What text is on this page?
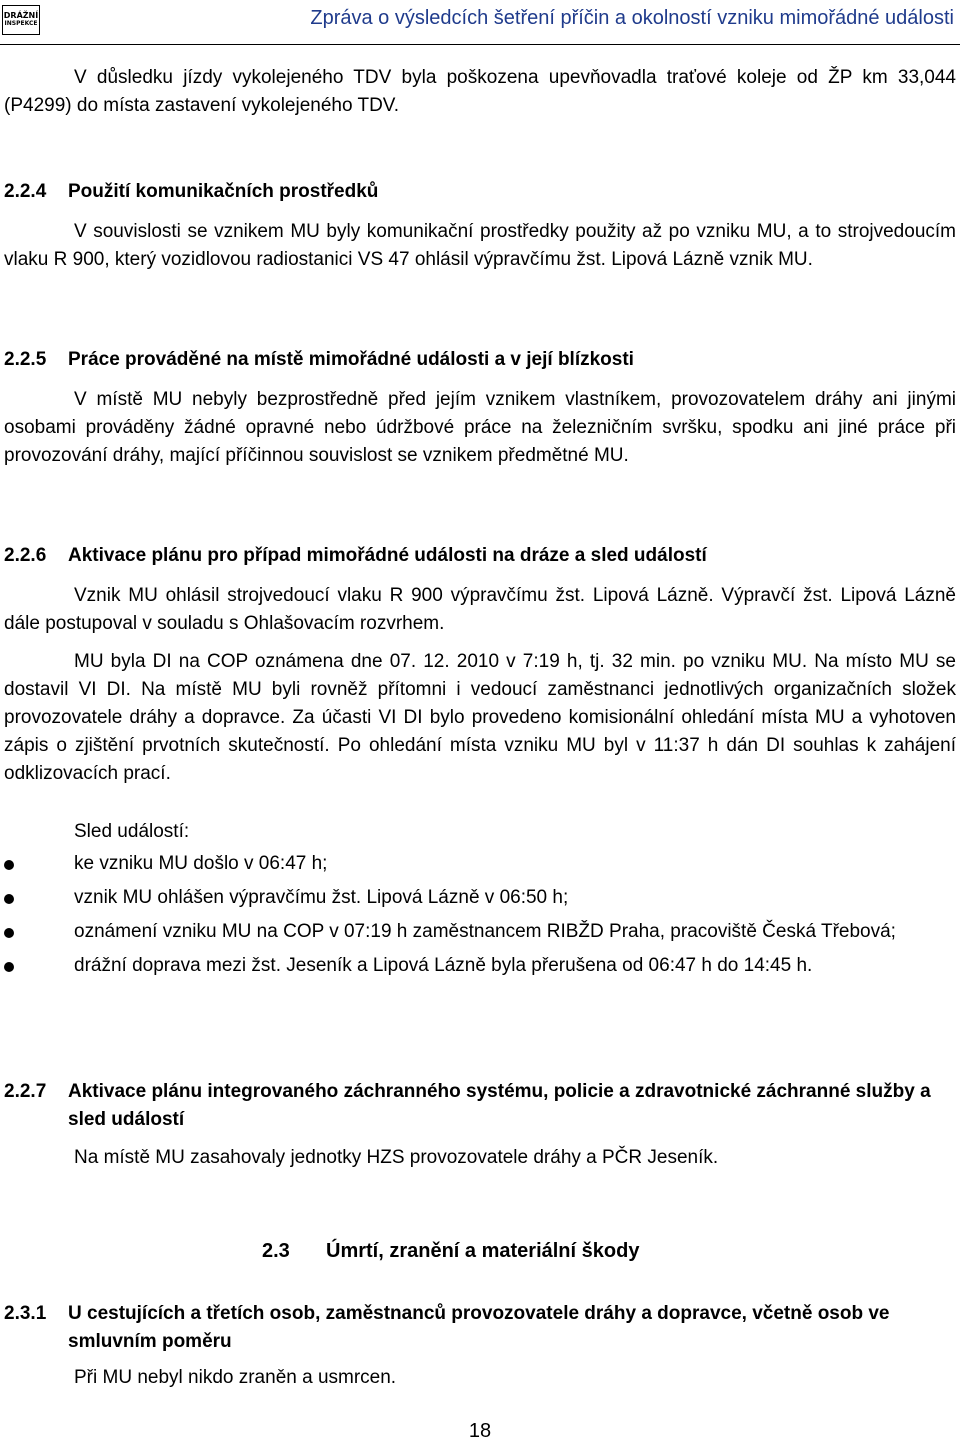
DRÁŽNÍ
INSPEKCE	Zpráva o výsledcích šetření příčin a okolností vzniku mimořádné události

V důsledku jízdy vykolejeného TDV byla poškozena upevňovadla traťové koleje od ŽP km 33,044 (P4299) do místa zastavení vykolejeného TDV.

2.2.4 Použití komunikačních prostředků

V souvislosti se vznikem MU byly komunikační prostředky použity až po vzniku MU, a to strojvedoucím vlaku R 900, který vozidlovou radiostanici VS 47 ohlásil výpravčímu žst. Lipová Lázně vznik MU.

2.2.5 Práce prováděné na místě mimořádné události a v její blízkosti

V místě MU nebyly bezprostředně před jejím vznikem vlastníkem, provozovatelem dráhy ani jinými osobami prováděny žádné opravné nebo údržbové práce na železničním svršku, spodku ani jiné práce při provozování dráhy, mající příčinnou souvislost se vznikem předmětné MU.

2.2.6 Aktivace plánu pro případ mimořádné události na dráze a sled událostí

Vznik MU ohlásil strojvedoucí vlaku R 900 výpravčímu žst. Lipová Lázně. Výpravčí žst. Lipová Lázně dále postupoval v souladu s Ohlašovacím rozvrhem.

MU byla DI na COP oznámena dne 07. 12. 2010 v 7:19 h, tj. 32 min. po vzniku MU. Na místo MU se dostavil VI DI. Na místě MU byli rovněž přítomni i vedoucí zaměstnanci jednotlivých organizačních složek provozovatele dráhy a dopravce. Za účasti VI DI bylo provedeno komisionální ohledání místa MU a vyhotoven zápis o zjištění prvotních skutečností. Po ohledání místa vzniku MU byl v 11:37 h dán DI souhlas k zahájení odklizovacích prací.

Sled událostí:

ke vzniku MU došlo v 06:47 h;
vznik MU ohlášen výpravčímu žst. Lipová Lázně v 06:50 h;
oznámení vzniku MU na COP v 07:19 h zaměstnancem RIBŽD Praha, pracoviště Česká Třebová;
drážní doprava mezi žst. Jeseník a Lipová Lázně byla přerušena od 06:47 h do 14:45 h.
2.2.7 Aktivace plánu integrovaného záchranného systému, policie a zdravotnické záchranné služby a sled událostí

Na místě MU zasahovaly jednotky HZS provozovatele dráhy a PČR Jeseník.

2.3 Úmrtí, zranění a materiální škody
2.3.1 U cestujících a třetích osob, zaměstnanců provozovatele dráhy a dopravce, včetně osob ve smluvním poměru

Při MU nebyl nikdo zraněn a usmrcen.

18
